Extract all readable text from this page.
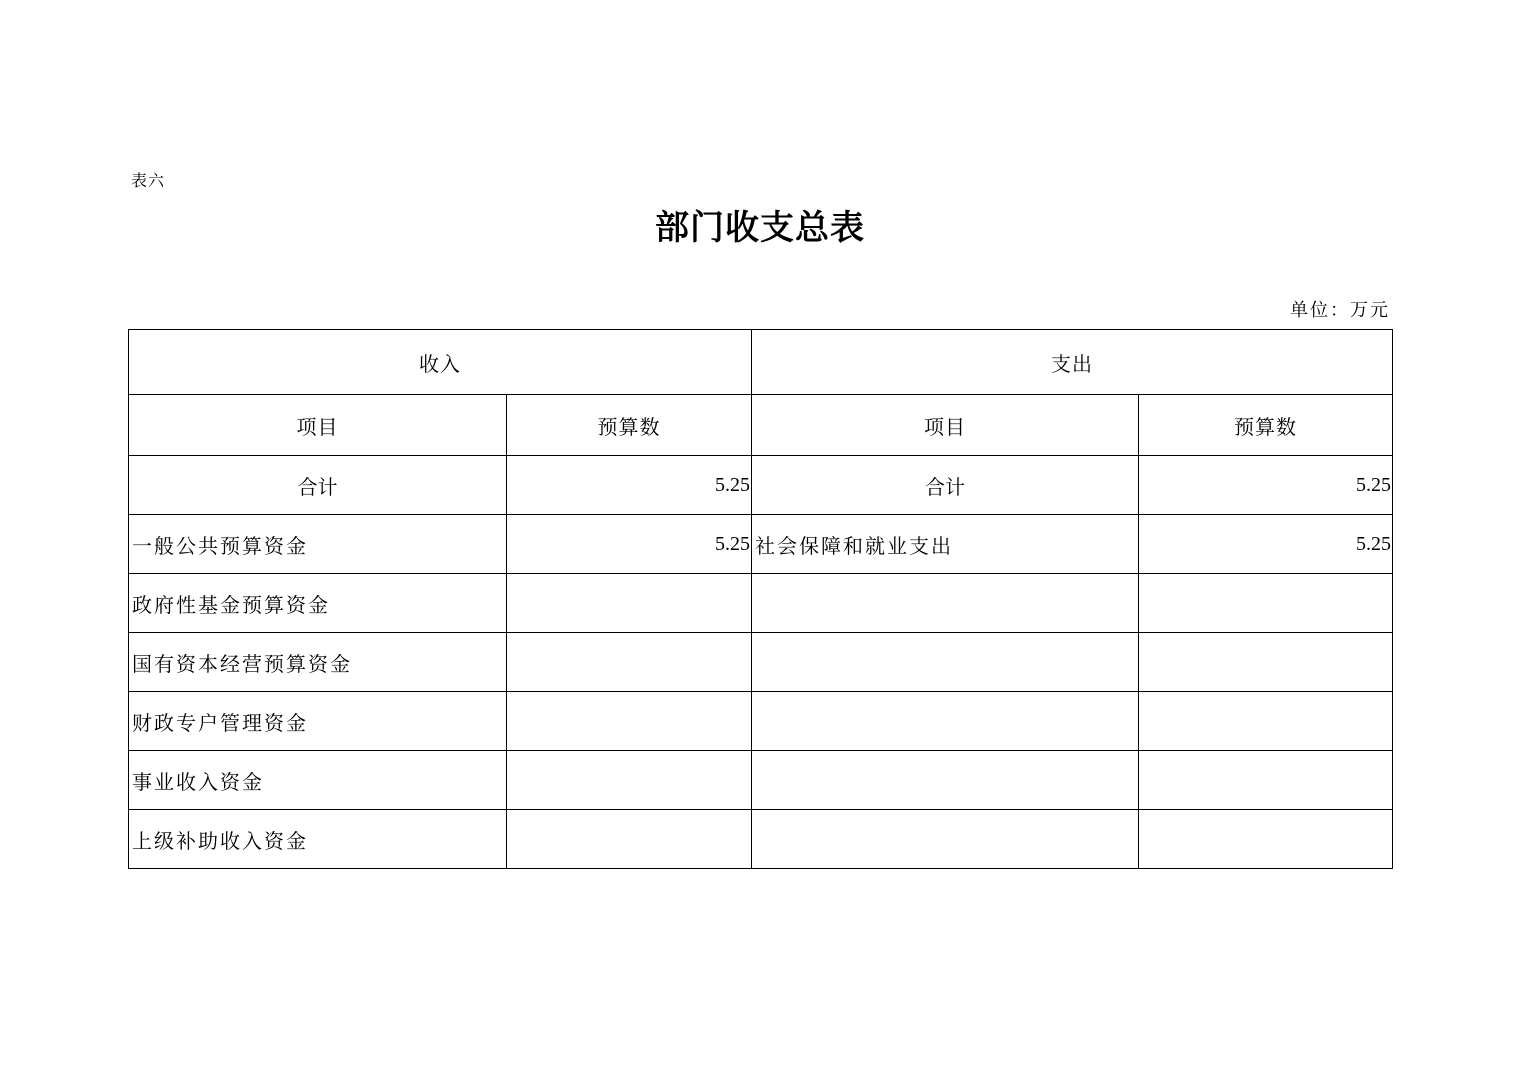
表六
部门收支总表
单位：万元
收入		支出	
项目	预算数	项目	预算数
合计	5.25	合计	5.25
一般公共预算资金	5.25	社会保障和就业支出	5.25
政府性基金预算资金			
国有资本经营预算资金			
财政专户管理资金			
事业收入资金			
上级补助收入资金			
